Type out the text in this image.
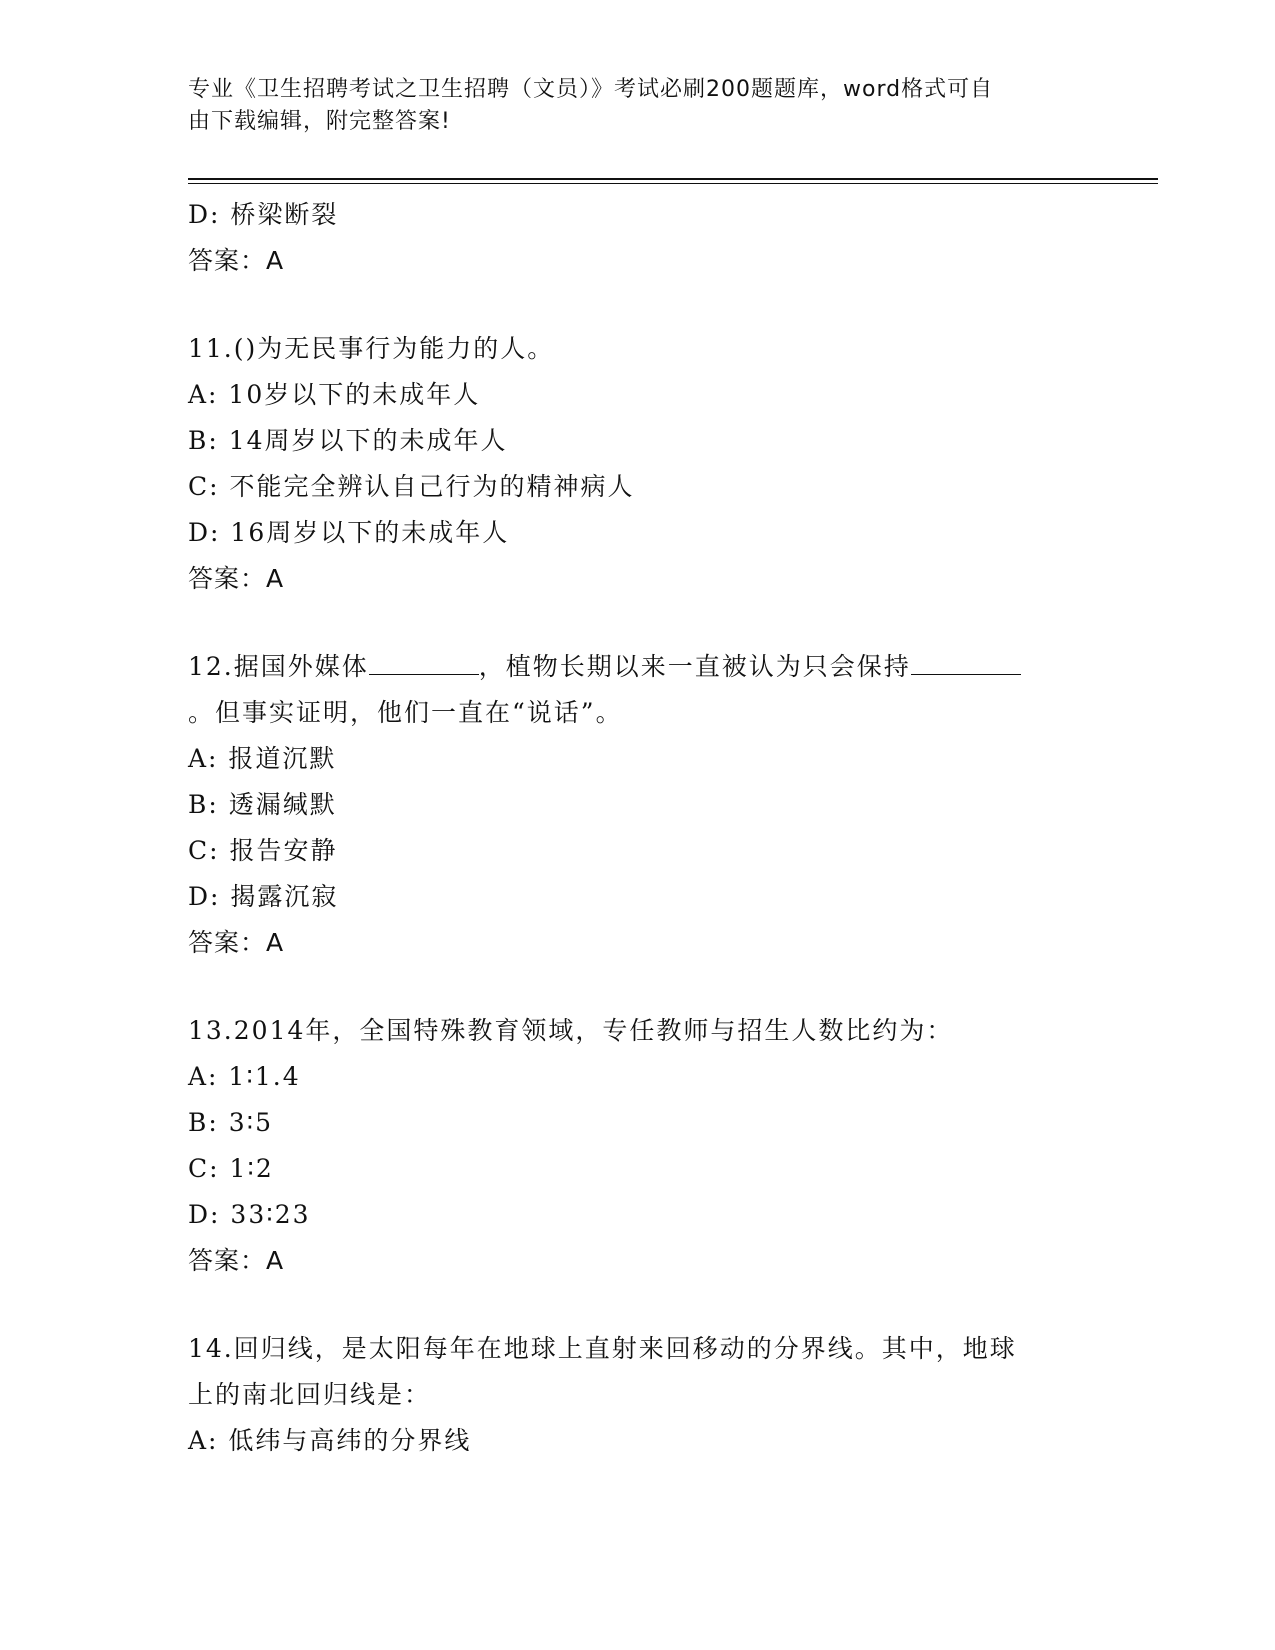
专业《卫生招聘考试之卫生招聘（文员）》考试必刷200题题库，word格式可自
由下载编辑，附完整答案!
D: 桥梁断裂
答案：A
11.()为无民事行为能力的人。
A: 10岁以下的未成年人
B: 14周岁以下的未成年人
C: 不能完全辨认自己行为的精神病人
D: 16周岁以下的未成年人
答案：A
12.据国外媒体	，植物长期以来一直被认为只会保持
。但事实证明，他们一直在“说话”。
A: 报道沉默
B: 透漏缄默
C: 报告安静
D: 揭露沉寂
答案：A
13.2014年，全国特殊教育领域，专任教师与招生人数比约为：
A: 1∶1.4
B: 3∶5
C: 1∶2
D: 33∶23
答案：A
14.回归线，是太阳每年在地球上直射来回移动的分界线。其中，地球
上的南北回归线是：
A: 低纬与高纬的分界线
